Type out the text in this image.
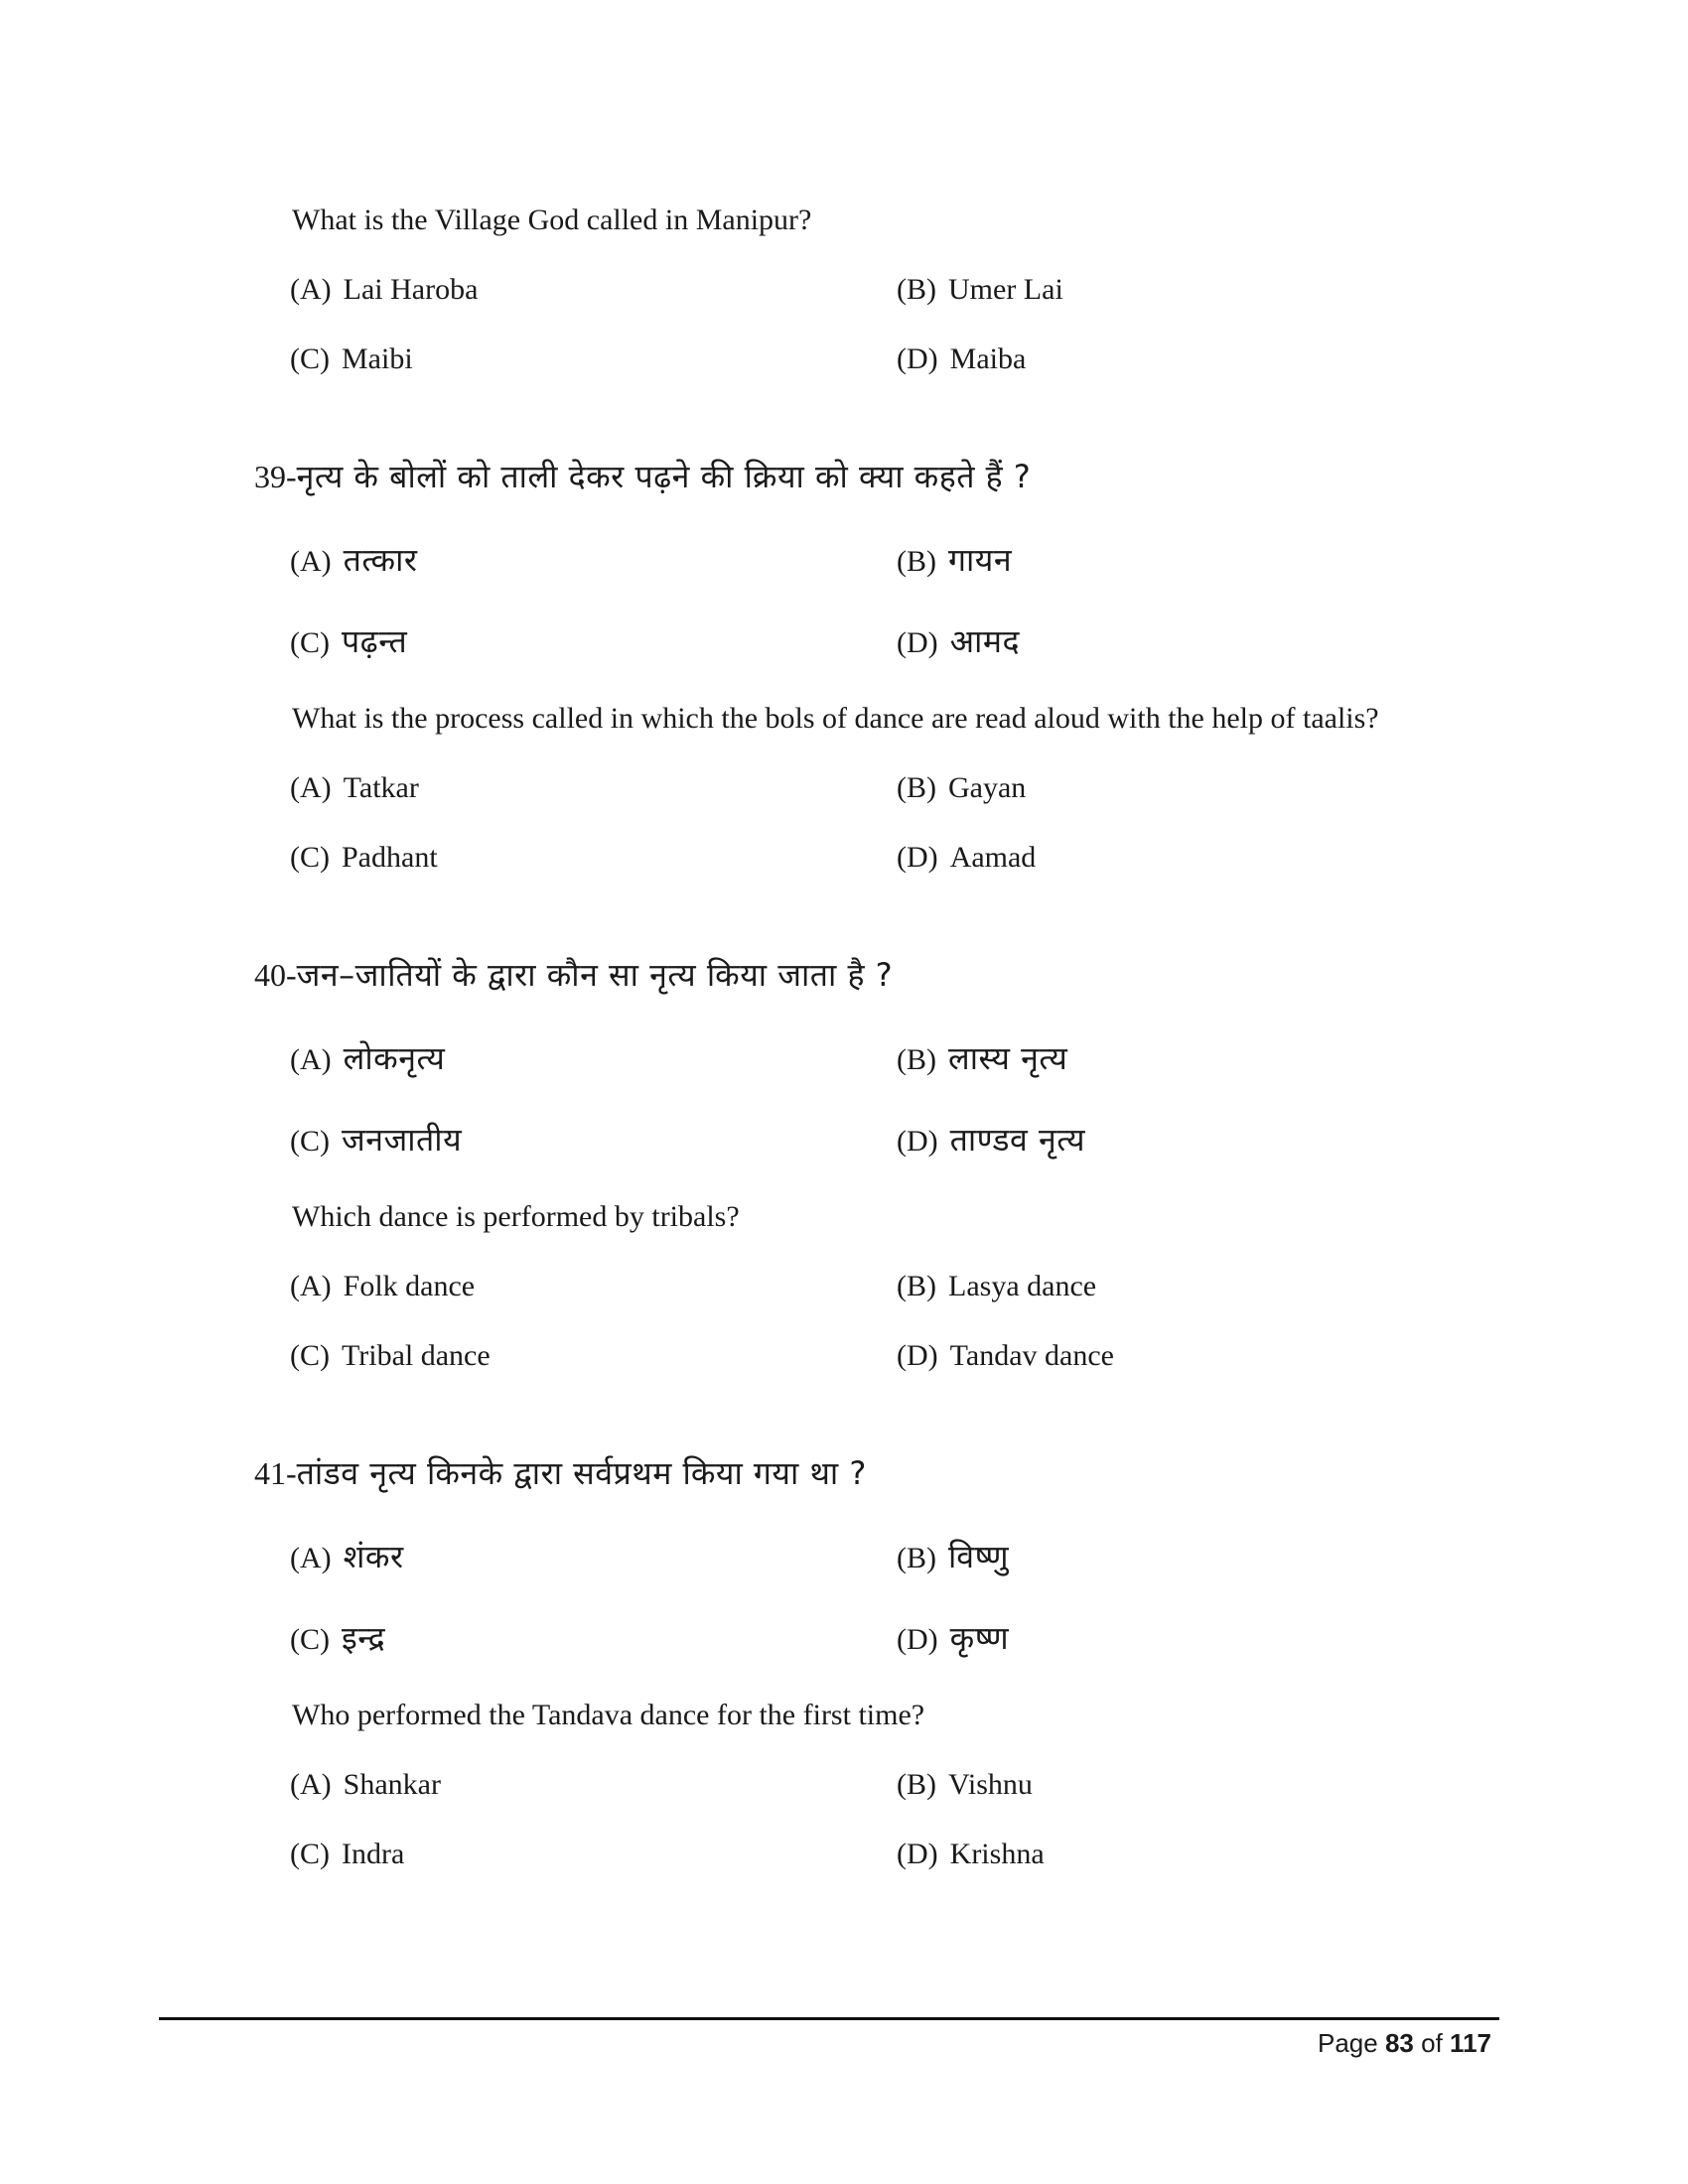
What is the Village God called in Manipur?
(A) Lai Haroba	(B) Umer Lai
(C) Maibi	(D) Maiba
39-नृत्य के बोलों को ताली देकर पढ़ने की क्रिया को क्या कहते हैं ?
(A) तत्कार	(B) गायन
(C) पढ़न्त	(D) आमद
What is the process called in which the bols of dance are read aloud with the help of taalis?
(A) Tatkar	(B) Gayan
(C) Padhant	(D) Aamad
40-जन–जातियों के द्वारा कौन सा नृत्य किया जाता है ?
(A) लोकनृत्य	(B) लास्य नृत्य
(C) जनजातीय	(D) ताण्डव नृत्य
Which dance is performed by tribals?
(A) Folk dance	(B) Lasya dance
(C) Tribal dance	(D) Tandav dance
41-तांडव नृत्य किनके द्वारा सर्वप्रथम किया गया था ?
(A) शंकर	(B) विष्णु
(C) इन्द्र	(D) कृष्ण
Who performed the Tandava dance for the first time?
(A) Shankar	(B) Vishnu
(C) Indra	(D) Krishna
Page 83 of 117
